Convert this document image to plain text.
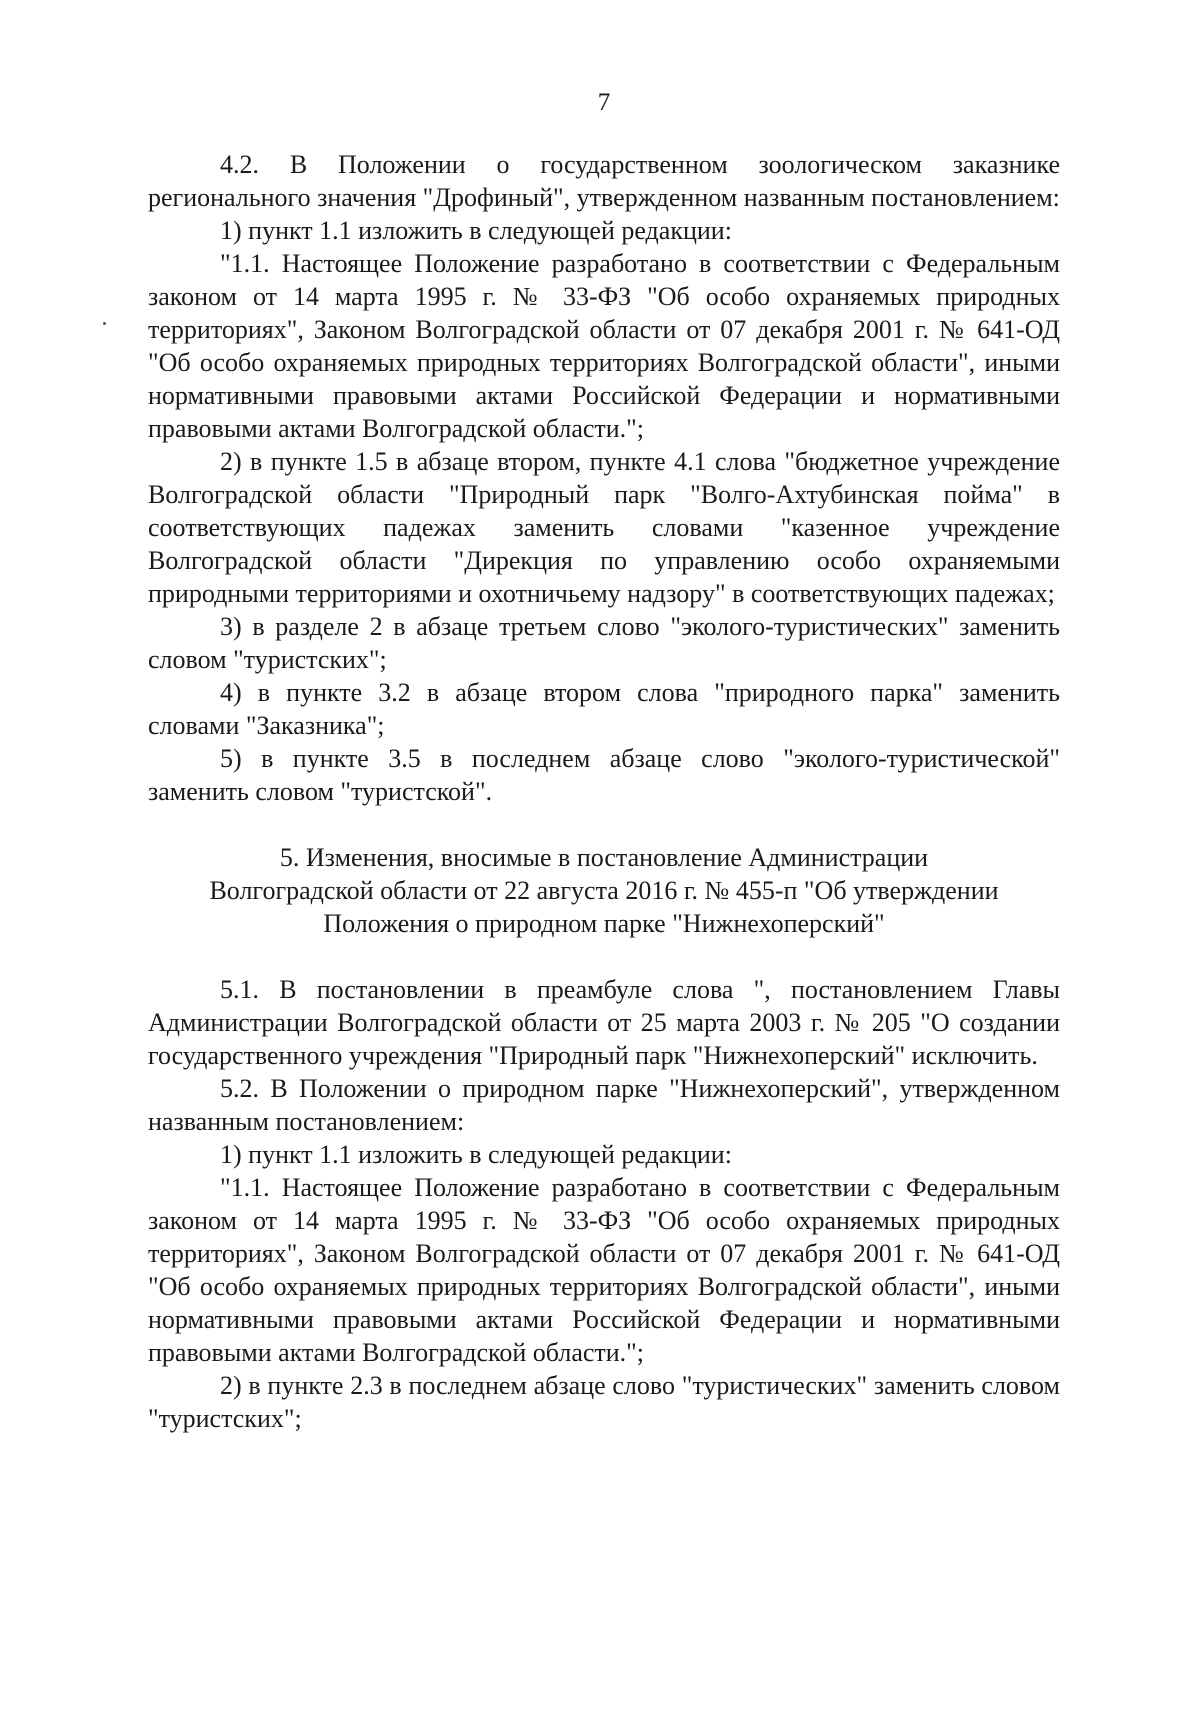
7

4.2. В Положении о государственном зоологическом заказнике регионального значения "Дрофиный", утвержденном названным постановлением:

1) пункт 1.1 изложить в следующей редакции:

"1.1. Настоящее Положение разработано в соответствии с Федеральным законом от 14 марта 1995 г. № 33-ФЗ "Об особо охраняемых природных территориях", Законом Волгоградской области от 07 декабря 2001 г. № 641-ОД "Об особо охраняемых природных территориях Волгоградской области", иными нормативными правовыми актами Российской Федерации и нормативными правовыми актами Волгоградской области.";

2) в пункте 1.5 в абзаце втором, пункте 4.1 слова "бюджетное учреждение Волгоградской области "Природный парк "Волго-Ахтубинская пойма" в соответствующих падежах заменить словами "казенное учреждение Волгоградской области "Дирекция по управлению особо охраняемыми природными территориями и охотничьему надзору" в соответствующих падежах;

3) в разделе 2 в абзаце третьем слово "эколого-туристических" заменить словом "туристских";

4) в пункте 3.2 в абзаце втором слова "природного парка" заменить словами "Заказника";

5) в пункте 3.5 в последнем абзаце слово "эколого-туристической" заменить словом "туристской".

5. Изменения, вносимые в постановление Администрации

Волгоградской области от 22 августа 2016 г. № 455-п "Об утверждении

Положения о природном парке "Нижнехоперский"

5.1. В постановлении в преамбуле слова ", постановлением Главы Администрации Волгоградской области от 25 марта 2003 г. № 205 "О создании государственного учреждения "Природный парк "Нижнехоперский" исключить.

5.2. В Положении о природном парке "Нижнехоперский", утвержденном названным постановлением:

1) пункт 1.1 изложить в следующей редакции:

"1.1. Настоящее Положение разработано в соответствии с Федеральным законом от 14 марта 1995 г. № 33-ФЗ "Об особо охраняемых природных территориях", Законом Волгоградской области от 07 декабря 2001 г. № 641-ОД "Об особо охраняемых природных территориях Волгоградской области", иными нормативными правовыми актами Российской Федерации и нормативными правовыми актами Волгоградской области.";

2) в пункте 2.3 в последнем абзаце слово "туристических" заменить словом "туристских";
